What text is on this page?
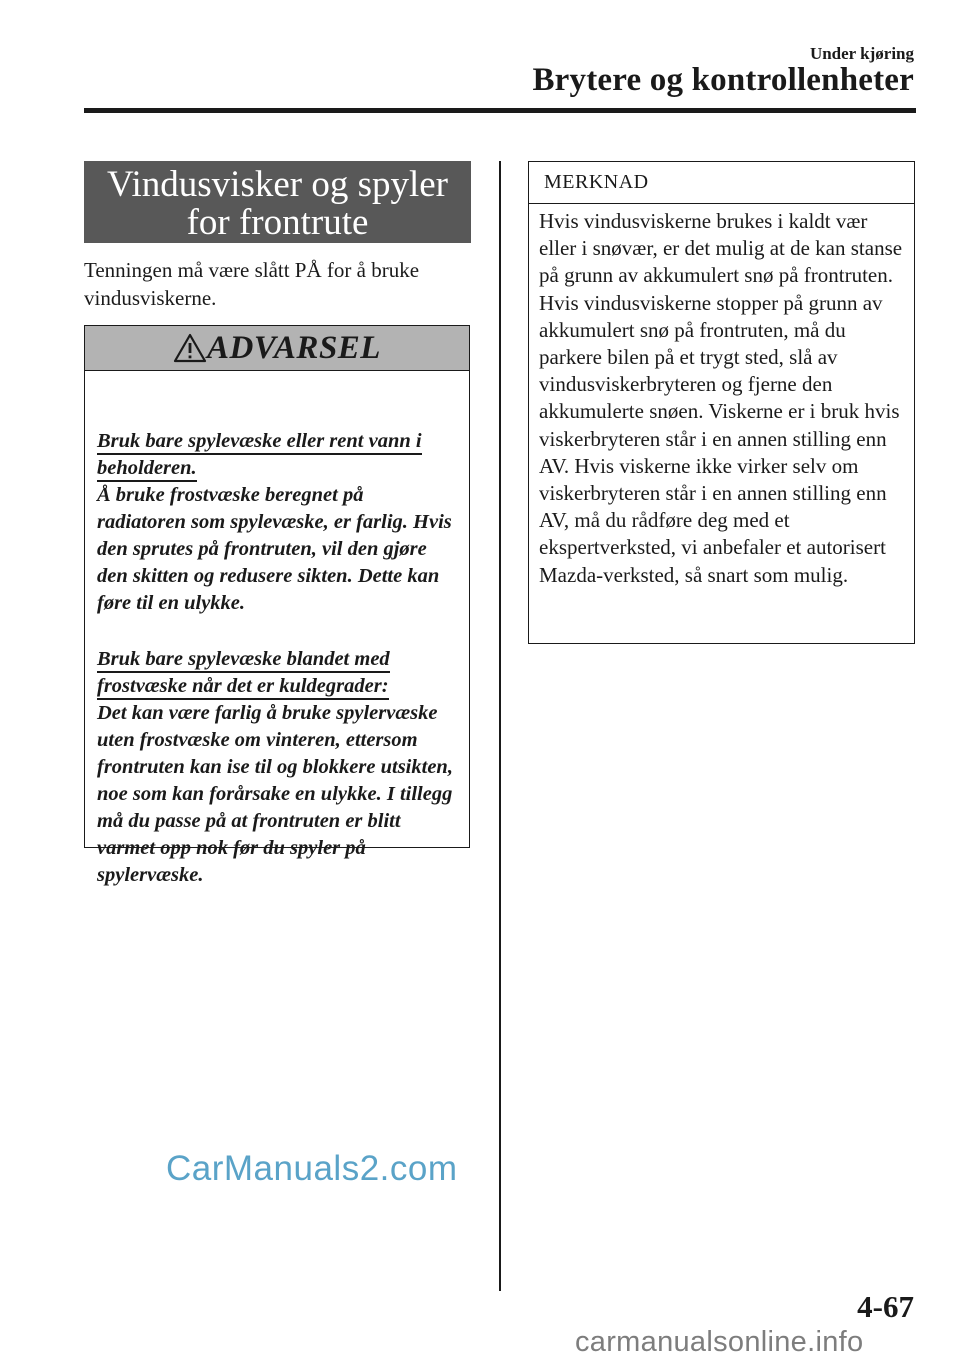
Under kjøring
Brytere og kontrollenheter
Vindusvisker og spyler for frontrute
Tenningen må være slått PÅ for å bruke vindusviskerne.
ADVARSEL

Bruk bare spylevæske eller rent vann i beholderen.

Å bruke frostvæske beregnet på radiatoren som spylevæske, er farlig. Hvis den sprutes på frontruten, vil den gjøre den skitten og redusere sikten. Dette kan føre til en ulykke.

Bruk bare spylevæske blandet med frostvæske når det er kuldegrader:

Det kan være farlig å bruke spylervæske uten frostvæske om vinteren, ettersom frontruten kan ise til og blokkere utsikten, noe som kan forårsake en ulykke. I tillegg må du passe på at frontruten er blitt varmet opp nok før du spyler på spylervæske.

MERKNAD
Hvis vindusviskerne brukes i kaldt vær eller i snøvær, er det mulig at de kan stanse på grunn av akkumulert snø på frontruten. Hvis vindusviskerne stopper på grunn av akkumulert snø på frontruten, må du parkere bilen på et trygt sted, slå av vindusviskerbryteren og fjerne den akkumulerte snøen. Viskerne er i bruk hvis viskerbryteren står i en annen stilling enn AV. Hvis viskerne ikke virker selv om viskerbryteren står i en annen stilling enn AV, må du rådføre deg med et ekspertverksted, vi anbefaler et autorisert Mazda-verksted, så snart som mulig.
CarManuals2.com
4-67
carmanualsonline.info
